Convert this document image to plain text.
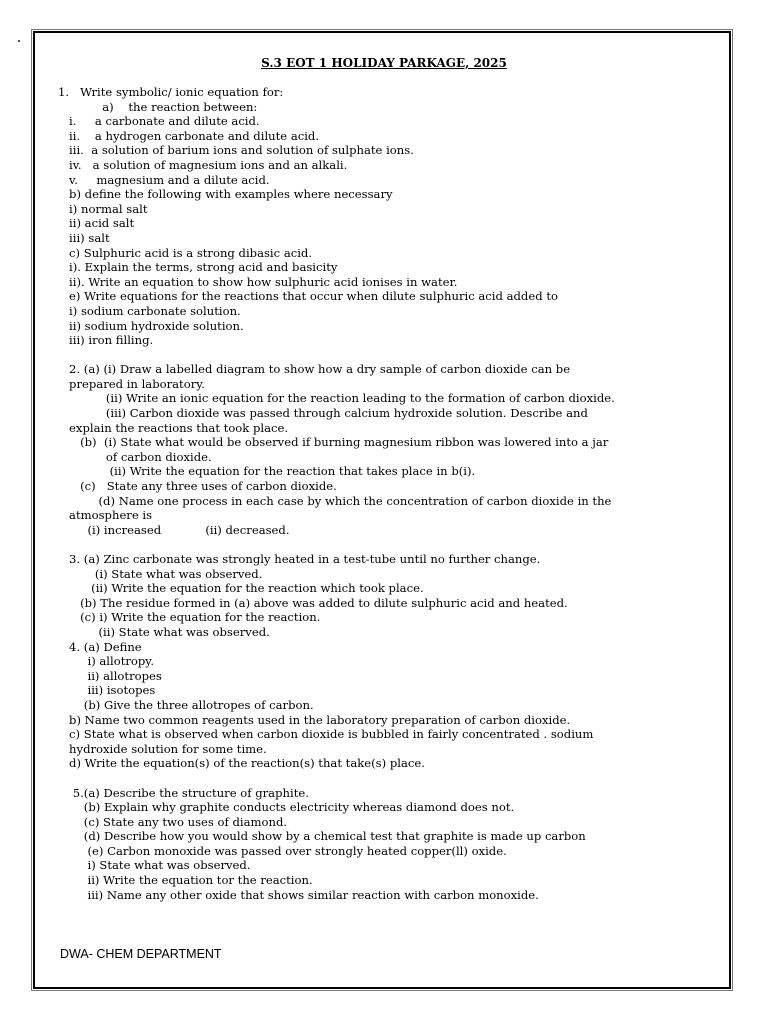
S.3 EOT 1 HOLIDAY PARKAGE, 2025
1.   Write symbolic/ ionic equation for:
a)    the reaction between:
i.     a carbonate and dilute acid.
ii.    a hydrogen carbonate and dilute acid.
iii.  a solution of barium ions and solution of sulphate ions.
iv.   a solution of magnesium ions and an alkali.
v.     magnesium and a dilute acid.
b) define the following with examples where necessary
i) normal salt
ii) acid salt
iii) salt
c) Sulphuric acid is a strong dibasic acid.
i). Explain the terms, strong acid and basicity
ii). Write an equation to show how sulphuric acid ionises in water.
e) Write equations for the reactions that occur when dilute sulphuric acid added to
i) sodium carbonate solution.
ii) sodium hydroxide solution.
iii) iron filling.
2. (a) (i) Draw a labelled diagram to show how a dry sample of carbon dioxide can be
prepared in laboratory.
(ii) Write an ionic equation for the reaction leading to the formation of carbon dioxide.
(iii) Carbon dioxide was passed through calcium hydroxide solution. Describe and
explain the reactions that took place.
(b)  (i) State what would be observed if burning magnesium ribbon was lowered into a jar
of carbon dioxide.
(ii) Write the equation for the reaction that takes place in b(i).
(c)   State any three uses of carbon dioxide.
(d) Name one process in each case by which the concentration of carbon dioxide in the
atmosphere is
(i) increased            (ii) decreased.
3. (a) Zinc carbonate was strongly heated in a test-tube until no further change.
(i) State what was observed.
(ii) Write the equation for the reaction which took place.
(b) The residue formed in (a) above was added to dilute sulphuric acid and heated.
(c) i) Write the equation for the reaction.
(ii) State what was observed.
4. (a) Define
i) allotropy.
ii) allotropes
iii) isotopes
(b) Give the three allotropes of carbon.
b) Name two common reagents used in the laboratory preparation of carbon dioxide.
c) State what is observed when carbon dioxide is bubbled in fairly concentrated . sodium
hydroxide solution for some time.
d) Write the equation(s) of the reaction(s) that take(s) place.
5.(a) Describe the structure of graphite.
(b) Explain why graphite conducts electricity whereas diamond does not.
(c) State any two uses of diamond.
(d) Describe how you would show by a chemical test that graphite is made up carbon
(e) Carbon monoxide was passed over strongly heated copper(ll) oxide.
i) State what was observed.
ii) Write the equation tor the reaction.
iii) Name any other oxide that shows similar reaction with carbon monoxide.
DWA- CHEM DEPARTMENT
